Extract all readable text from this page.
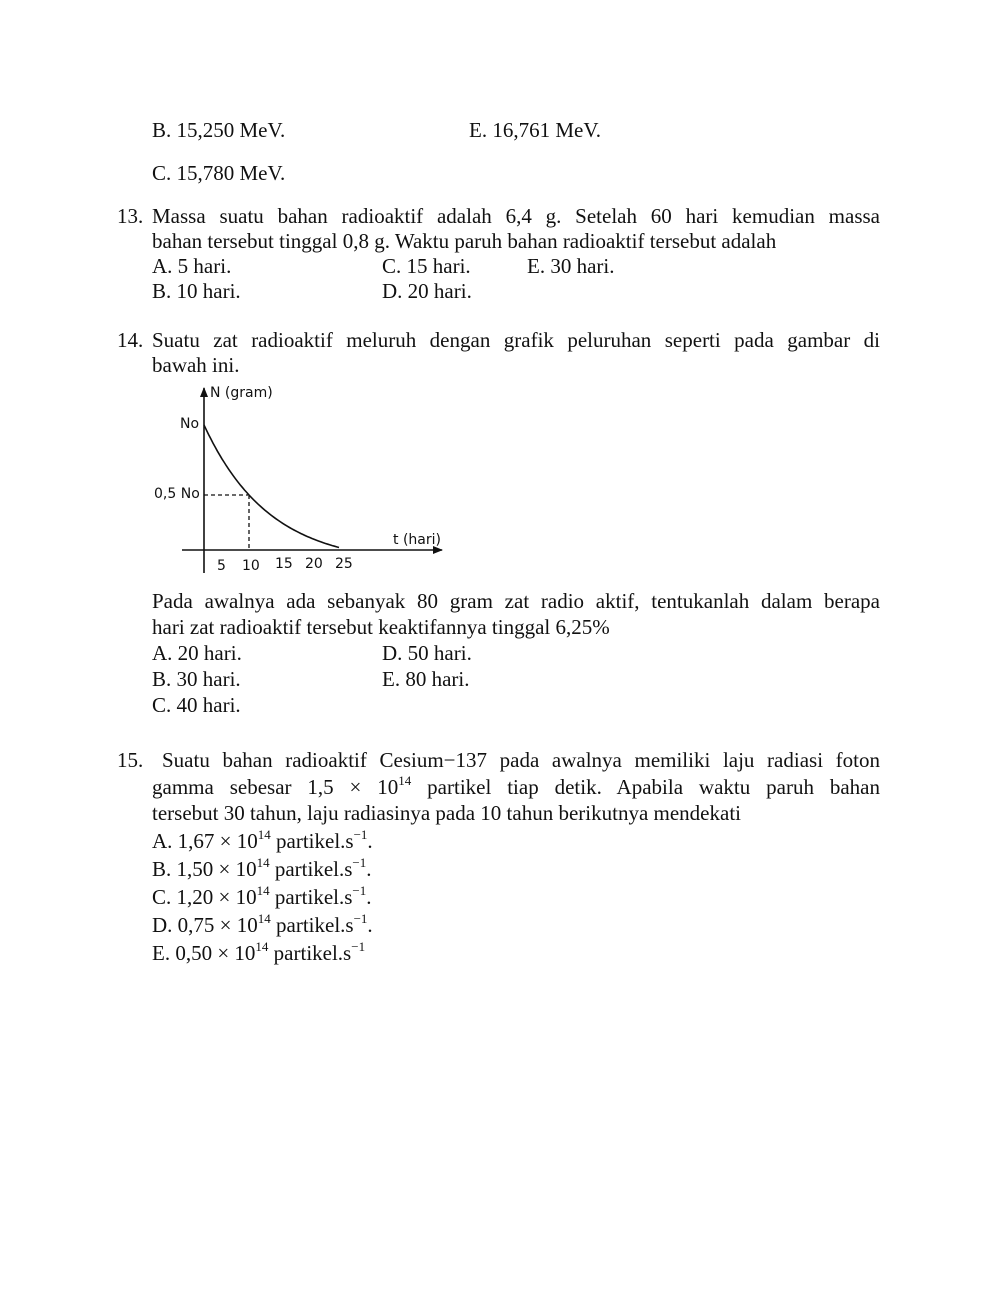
B. 15,250 MeV.	E. 16,761 MeV.
C. 15,780 MeV.
13. Massa suatu bahan radioaktif adalah 6,4 g. Setelah 60 hari kemudian massa
bahan tersebut tinggal 0,8 g. Waktu paruh bahan radioaktif tersebut adalah
A. 5 hari.	C. 15 hari.	E. 30 hari.
B. 10 hari.	D. 20 hari.
14. Suatu zat radioaktif meluruh dengan grafik peluruhan seperti pada gambar di
bawah ini.
N (gram)
t (hari)
No
0,5 No
5 10 15 20 25
Pada awalnya ada sebanyak 80 gram zat radio aktif, tentukanlah dalam berapa
hari zat radioaktif tersebut keaktifannya tinggal 6,25%
A. 20 hari.	D. 50 hari.
B. 30 hari.	E. 80 hari.
C. 40 hari.
15. Suatu bahan radioaktif Cesium−137 pada awalnya memiliki laju radiasi foton
gamma sebesar $1,5 \times 10^{14}$ partikel tiap detik. Apabila waktu paruh bahan
tersebut 30 tahun, laju radiasinya pada 10 tahun berikutnya mendekati
A. $1,67 \times 10^{14}$ $partikel.s^{-1}$.
B. $1,50 \times 10^{14}$ $partikel.s^{-1}$.
C. $1,20 \times 10^{14}$ $partikel.s^{-1}$.
D. $0,75 \times 10^{14}$ $partikel.s^{-1}$.
E. $0,50 \times 10^{14}$ $partikel.s^{-1}$
